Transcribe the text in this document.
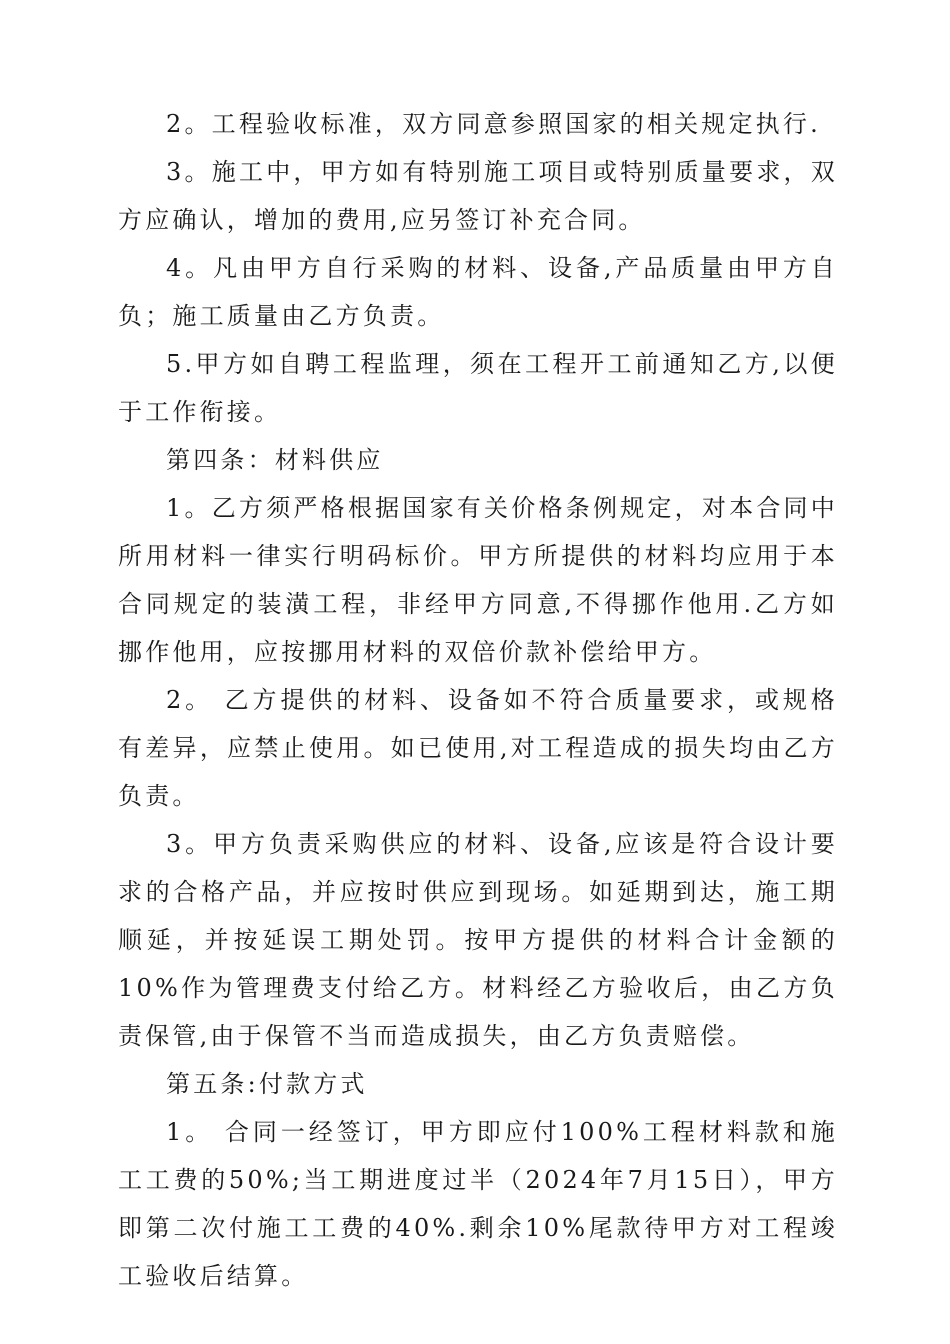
2。工程验收标准，双方同意参照国家的相关规定执行.

3。施工中，甲方如有特别施工项目或特别质量要求，双方应确认，增加的费用,应另签订补充合同。

4。凡由甲方自行采购的材料、设备,产品质量由甲方自负；施工质量由乙方负责。

5.甲方如自聘工程监理，须在工程开工前通知乙方,以便于工作衔接。

第四条：材料供应

1。乙方须严格根据国家有关价格条例规定，对本合同中所用材料一律实行明码标价。甲方所提供的材料均应用于本合同规定的装潢工程，非经甲方同意,不得挪作他用.乙方如挪作他用，应按挪用材料的双倍价款补偿给甲方。

2。 乙方提供的材料、设备如不符合质量要求，或规格有差异，应禁止使用。如已使用,对工程造成的损失均由乙方负责。

3。甲方负责采购供应的材料、设备,应该是符合设计要求的合格产品，并应按时供应到现场。如延期到达，施工期顺延，并按延误工期处罚。按甲方提供的材料合计金额的10%作为管理费支付给乙方。材料经乙方验收后，由乙方负责保管,由于保管不当而造成损失，由乙方负责赔偿。

第五条:付款方式

1。 合同一经签订，甲方即应付100%工程材料款和施工工费的50%;当工期进度过半（2024年7月15日），甲方即第二次付施工工费的40%.剩余10%尾款待甲方对工程竣工验收后结算。
